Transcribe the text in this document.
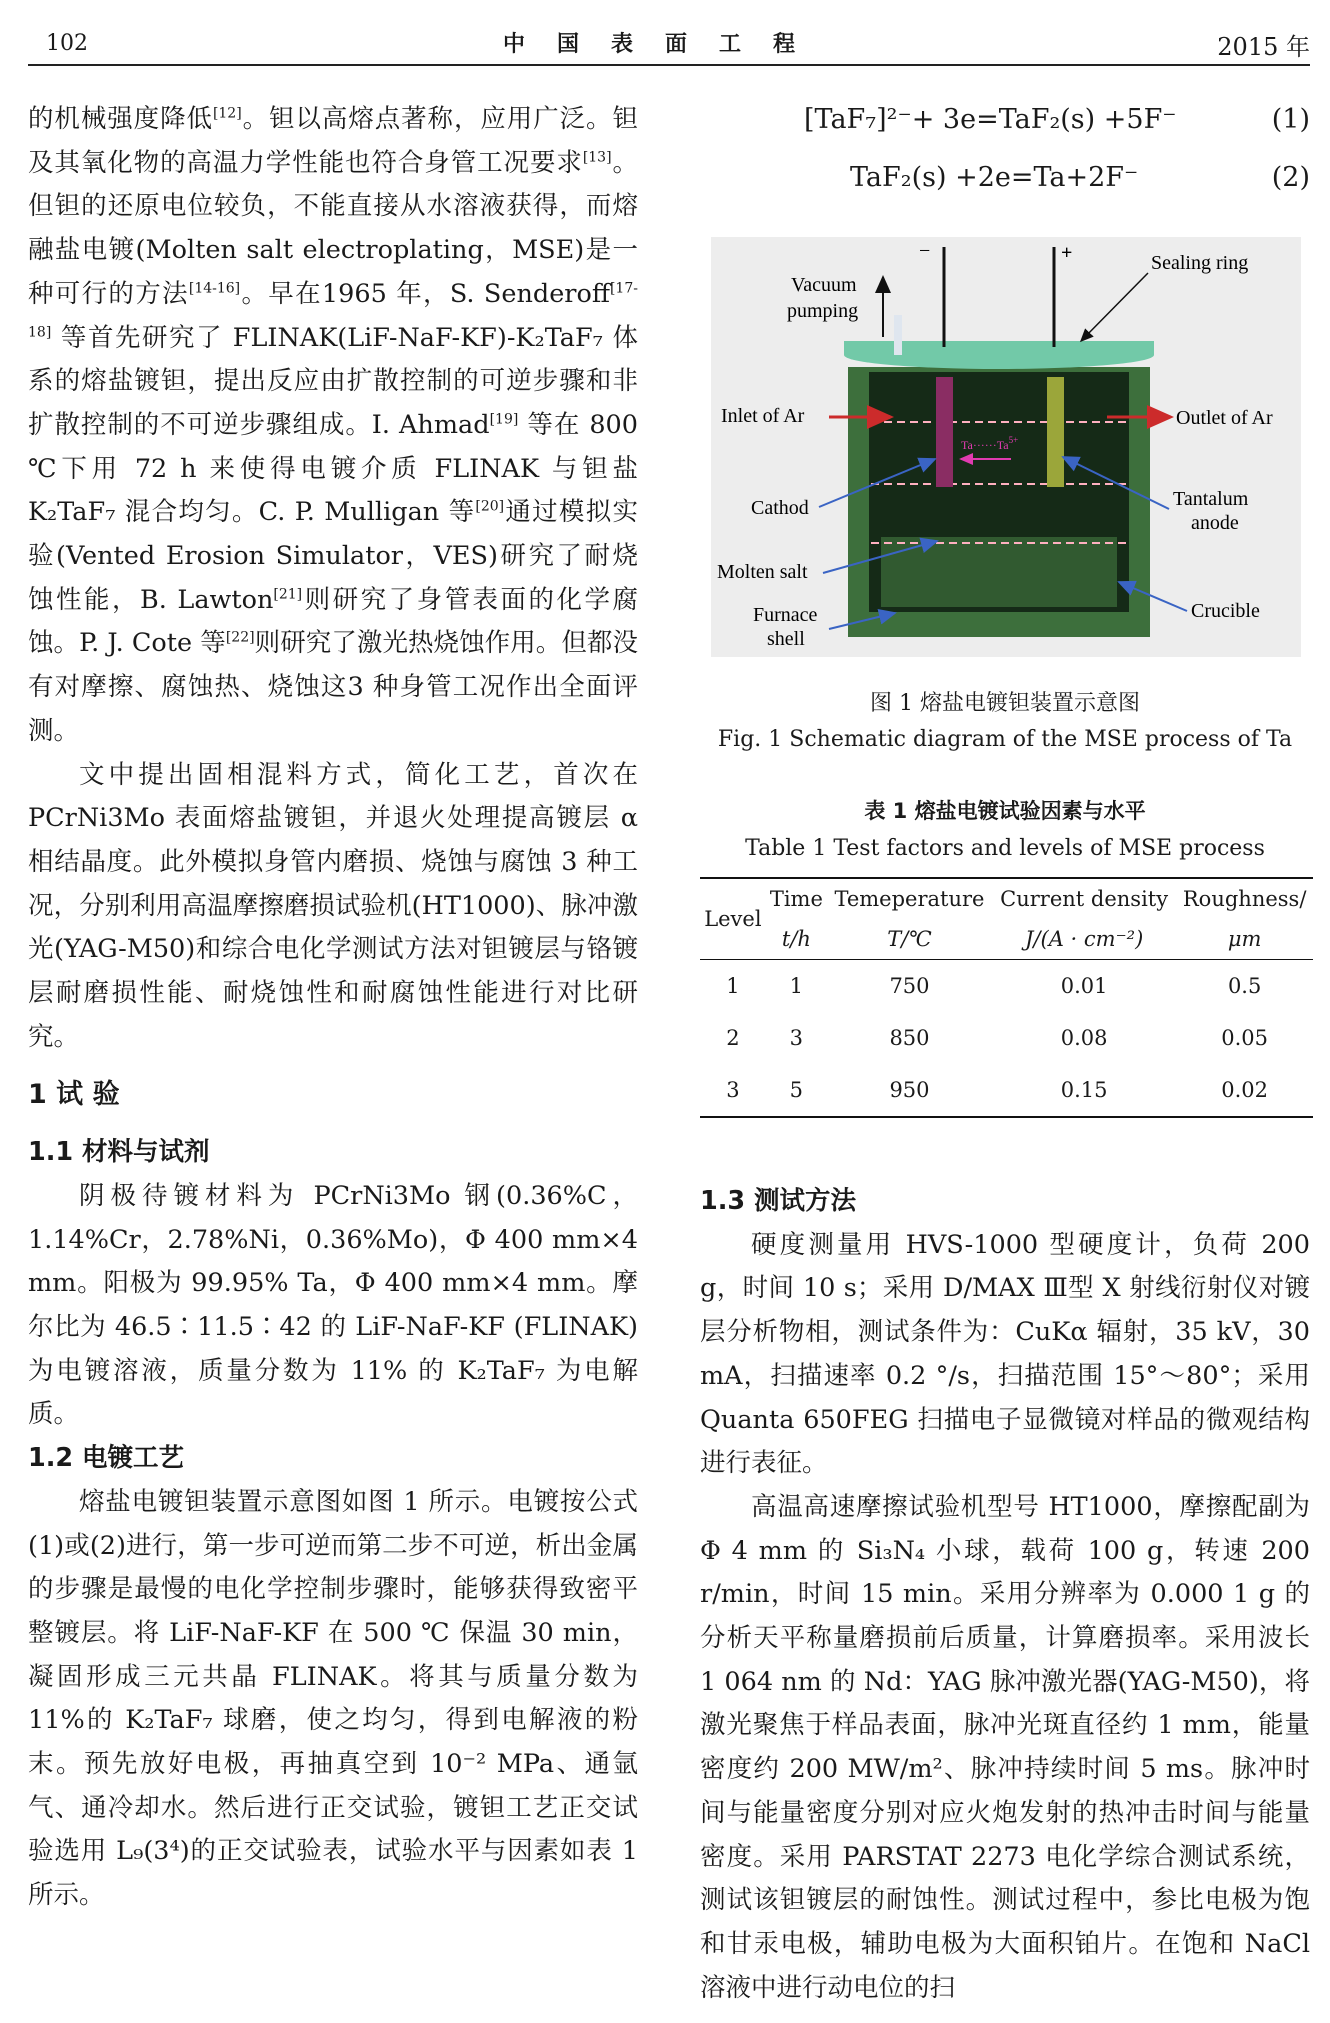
102	中国表面工程	2015 年

的机械强度降低[12]。钽以高熔点著称，应用广泛。钽及其氧化物的高温力学性能也符合身管工况要求[13]。但钽的还原电位较负，不能直接从水溶液获得，而熔融盐电镀(Molten salt electroplating，MSE)是一种可行的方法[14-16]。早在1965 年，S. Senderoff[17-18] 等首先研究了 FLINAK(LiF-NaF-KF)-K₂TaF₇ 体系的熔盐镀钽，提出反应由扩散控制的可逆步骤和非扩散控制的不可逆步骤组成。I. Ahmad[19] 等在 800 ℃下用 72 h 来使得电镀介质 FLINAK 与钽盐 K₂TaF₇ 混合均匀。C. P. Mulligan 等[20]通过模拟实验(Vented Erosion Simulator，VES)研究了耐烧蚀性能，B. Lawton[21]则研究了身管表面的化学腐蚀。P. J. Cote 等[22]则研究了激光热烧蚀作用。但都没有对摩擦、腐蚀热、烧蚀这3 种身管工况作出全面评测。

文中提出固相混料方式，简化工艺，首次在 PCrNi3Mo 表面熔盐镀钽，并退火处理提高镀层 α 相结晶度。此外模拟身管内磨损、烧蚀与腐蚀 3 种工况，分别利用高温摩擦磨损试验机(HT1000)、脉冲激光(YAG-M50)和综合电化学测试方法对钽镀层与铬镀层耐磨损性能、耐烧蚀性和耐腐蚀性能进行对比研究。

1 试 验

1.1 材料与试剂

阴极待镀材料为 PCrNi3Mo 钢(0.36%C，1.14%Cr，2.78%Ni，0.36%Mo)，Φ 400 mm×4 mm。阳极为 99.95% Ta，Φ 400 mm×4 mm。摩尔比为 46.5∶11.5∶42 的 LiF-NaF-KF (FLINAK)为电镀溶液，质量分数为 11% 的 K₂TaF₇ 为电解质。

1.2 电镀工艺

熔盐电镀钽装置示意图如图 1 所示。电镀按公式(1)或(2)进行，第一步可逆而第二步不可逆，析出金属的步骤是最慢的电化学控制步骤时，能够获得致密平整镀层。将 LiF-NaF-KF 在 500 ℃ 保温 30 min，凝固形成三元共晶 FLINAK。将其与质量分数为 11%的 K₂TaF₇ 球磨，使之均匀，得到电解液的粉末。预先放好电极，再抽真空到 10⁻² MPa、通氩气、通冷却水。然后进行正交试验，镀钽工艺正交试验选用 L₉(3⁴)的正交试验表，试验水平与因素如表 1 所示。

[TaF₇]²⁻+ 3e=TaF₂(s) +5F⁻	(1)
TaF₂(s) +2e=Ta+2F⁻	(2)
−	+
Vacuum
pumping
Sealing ring
Inlet of Ar	Outlet of Ar
$Ta\cdot\cdot\cdot\cdot\cdot\cdot Ta^{5+}$
Cathod	Tantalum
anode
Molten salt
Crucible
Furnace
shell
图 1 熔盐电镀钽装置示意图
Fig. 1 Schematic diagram of the MSE process of Ta
表 1 熔盐电镀试验因素与水平
Table 1 Test factors and levels of MSE process
Level	Time	Temeperature	Current density	Roughness/
	t/h	T/℃	J/(A · cm⁻²)	μm
1	1	750	0.01	0.5
2	3	850	0.08	0.05
3	5	950	0.15	0.02

1.3 测试方法

硬度测量用 HVS-1000 型硬度计，负荷 200 g，时间 10 s；采用 D/MAX Ⅲ型 X 射线衍射仪对镀层分析物相，测试条件为：CuKα 辐射，35 kV，30 mA，扫描速率 0.2 °/s，扫描范围 15°～80°；采用 Quanta 650FEG 扫描电子显微镜对样品的微观结构进行表征。

高温高速摩擦试验机型号 HT1000，摩擦配副为 Φ 4 mm 的 Si₃N₄ 小球，载荷 100 g，转速 200 r/min，时间 15 min。采用分辨率为 0.000 1 g 的分析天平称量磨损前后质量，计算磨损率。采用波长 1 064 nm 的 Nd：YAG 脉冲激光器(YAG-M50)，将激光聚焦于样品表面，脉冲光斑直径约 1 mm，能量密度约 200 MW/m²、脉冲持续时间 5 ms。脉冲时间与能量密度分别对应火炮发射的热冲击时间与能量密度。采用 PARSTAT 2273 电化学综合测试系统，测试该钽镀层的耐蚀性。测试过程中，参比电极为饱和甘汞电极，辅助电极为大面积铂片。在饱和 NaCl 溶液中进行动电位的扫
